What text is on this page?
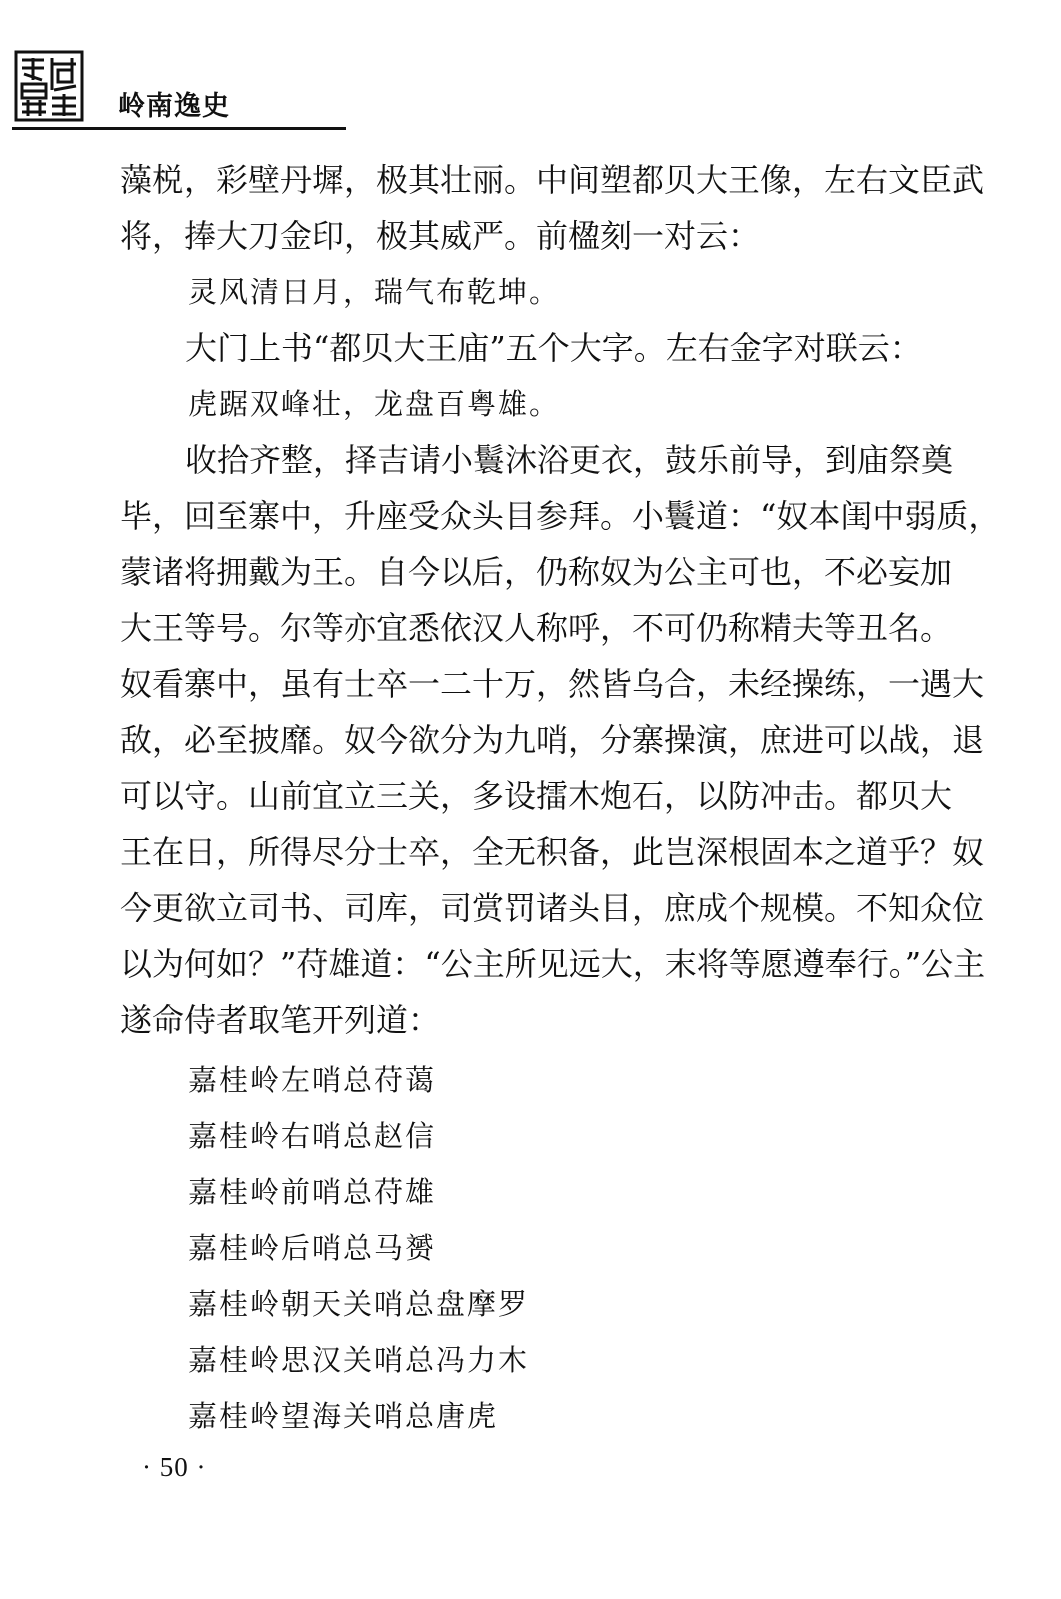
岭南逸史
藻棁，彩壁丹墀，极其壮丽。中间塑都贝大王像，左右文臣武
将，捧大刀金印，极其威严。前楹刻一对云：
灵风清日月，瑞气布乾坤。
大门上书“都贝大王庙”五个大字。左右金字对联云：
虎踞双峰壮，龙盘百粤雄。
收拾齐整，择吉请小鬟沐浴更衣，鼓乐前导，到庙祭奠
毕，回至寨中，升座受众头目参拜。小鬟道：“奴本闺中弱质，
蒙诸将拥戴为王。自今以后，仍称奴为公主可也，不必妄加
大王等号。尔等亦宜悉依汉人称呼，不可仍称精夫等丑名。
奴看寨中，虽有士卒一二十万，然皆乌合，未经操练，一遇大
敌，必至披靡。奴今欲分为九哨，分寨操演，庶进可以战，退
可以守。山前宜立三关，多设擂木炮石，以防冲击。都贝大
王在日，所得尽分士卒，全无积备，此岂深根固本之道乎？奴
今更欲立司书、司库，司赏罚诸头目，庶成个规模。不知众位
以为何如？”苻雄道：“公主所见远大，末将等愿遵奉行。”公主
遂命侍者取笔开列道：
嘉桂岭左哨总苻蔼
嘉桂岭右哨总赵信
嘉桂岭前哨总苻雄
嘉桂岭后哨总马赟
嘉桂岭朝天关哨总盘摩罗
嘉桂岭思汉关哨总冯力木
嘉桂岭望海关哨总唐虎
· 50 ·
